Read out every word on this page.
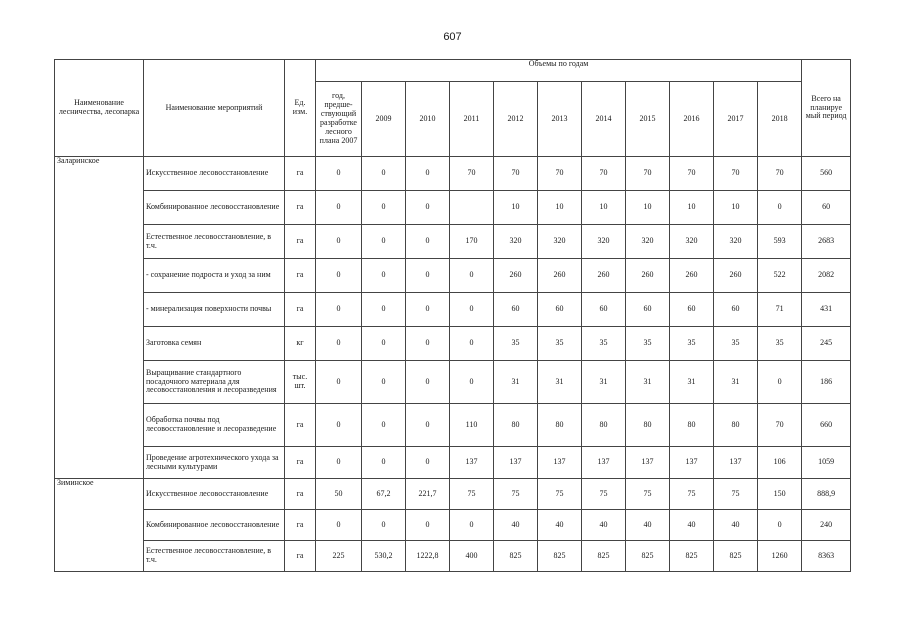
607
Наименование лесничества, лесопарка	Наименование мероприятий	Ед. изм.	Объемы по годам											Всего на планируе мый период
			год, предше-ствующий разработке лесного плана 2007	2009	2010	2011	2012	2013	2014	2015	2016	2017	2018	
Заларинское	Искусственное лесовосстановление	га	0	0	0	70	70	70	70	70	70	70	70	560
	Комбинированное лесовосстановление	га	0	0	0		10	10	10	10	10	10	0	60
	Естественное лесовосстановление, в т.ч.	га	0	0	0	170	320	320	320	320	320	320	593	2683
	- сохранение подроста и уход за ним	га	0	0	0	0	260	260	260	260	260	260	522	2082
	- минерализация поверхности почвы	га	0	0	0	0	60	60	60	60	60	60	71	431
	Заготовка семян	кг	0	0	0	0	35	35	35	35	35	35	35	245
	Выращивание стандартного посадочного материала для лесовосстановления и лесоразведения	тыс. шт.	0	0	0	0	31	31	31	31	31	31	0	186
	Обработка почвы под лесовосстановление и лесоразведение	га	0	0	0	110	80	80	80	80	80	80	70	660
	Проведение агротехнического ухода за лесными культурами	га	0	0	0	137	137	137	137	137	137	137	106	1059
Зиминское	Искусственное лесовосстановление	га	50	67,2	221,7	75	75	75	75	75	75	75	150	888,9
	Комбинированное лесовосстановление	га	0	0	0	0	40	40	40	40	40	40	0	240
	Естественное лесовосстановление, в т.ч.	га	225	530,2	1222,8	400	825	825	825	825	825	825	1260	8363
